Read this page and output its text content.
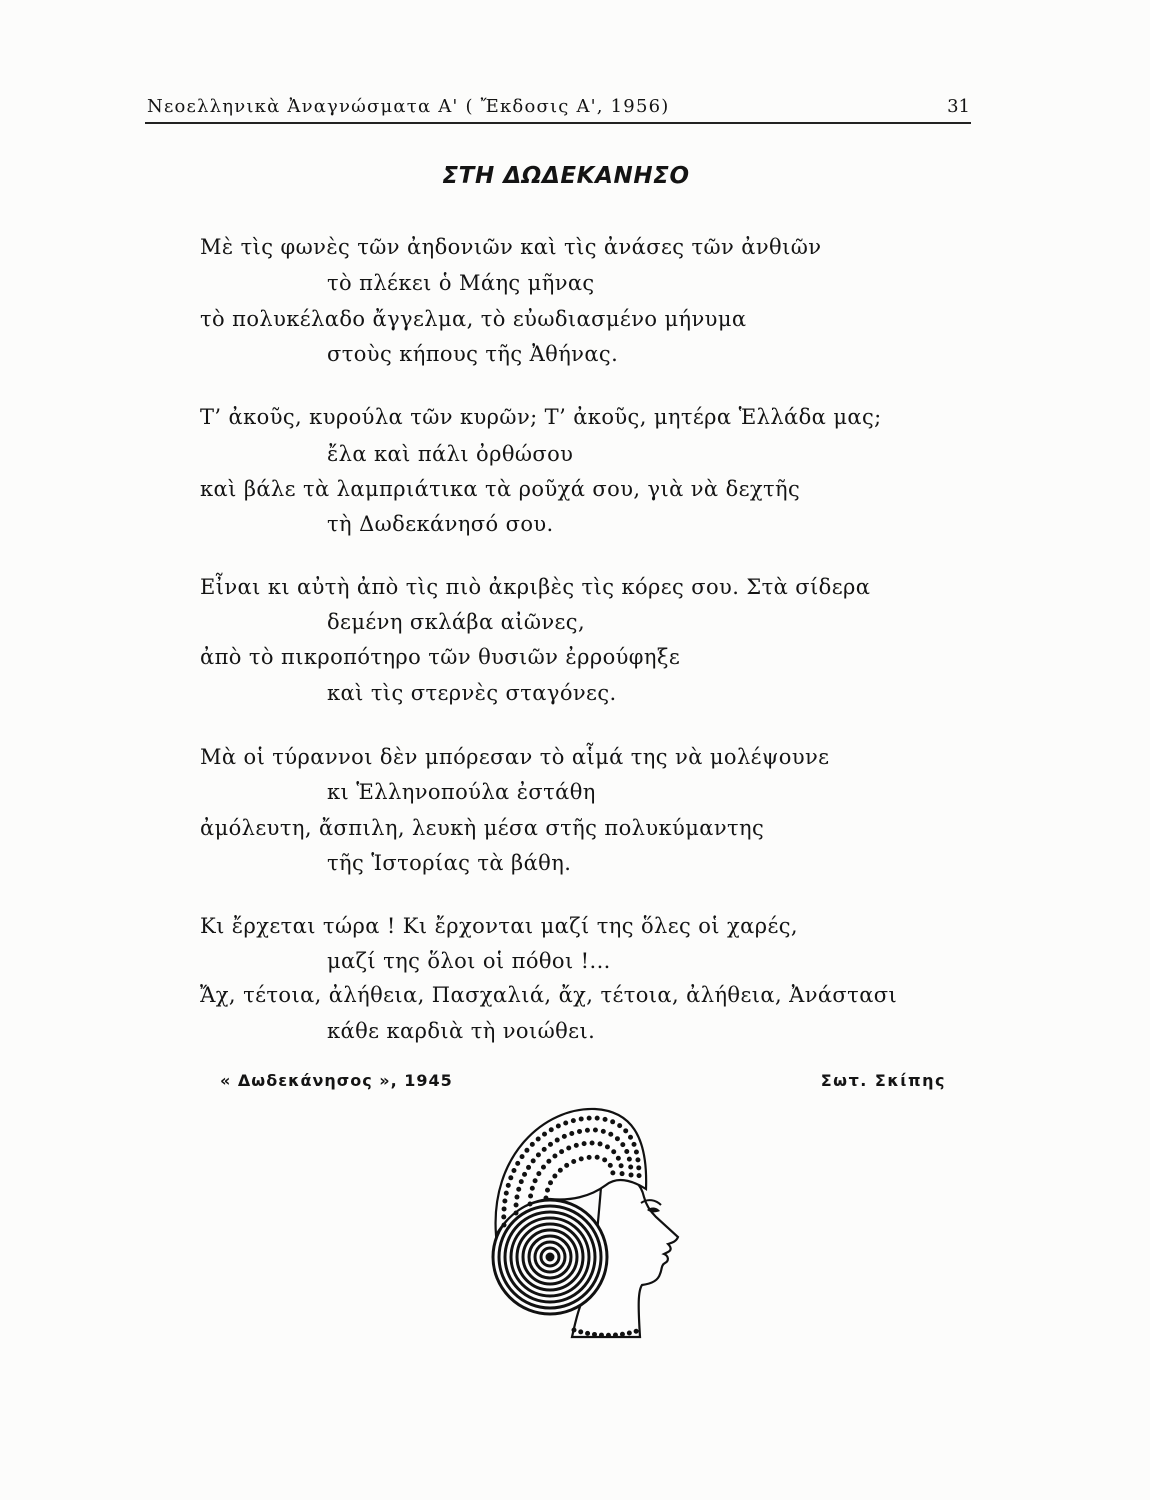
Νεοελληνικὰ Ἀναγνώσματα Α' ( Ἔκδοσις Α', 1956)	31
ΣΤΗ ΔΩΔΕΚΑΝΗΣΟ
Μὲ τὶς φωνὲς τῶν ἀηδονιῶν καὶ τὶς ἀνάσες τῶν ἀνθιῶν
τὸ πλέκει ὁ Μάης μῆνας
τὸ πολυκέλαδο ἄγγελμα, τὸ εὐωδιασμένο μήνυμα
στοὺς κήπους τῆς Ἀθήνας.
Τ’ ἀκοῦς, κυρούλα τῶν κυρῶν; Τ’ ἀκοῦς, μητέρα Ἑλλάδα μας;
ἔλα καὶ πάλι ὀρθώσου
καὶ βάλε τὰ λαμπριάτικα τὰ ροῦχά σου, γιὰ νὰ δεχτῆς
τὴ Δωδεκάνησό σου.
Εἶναι κι αὐτὴ ἀπὸ τὶς πιὸ ἀκριβὲς τὶς κόρες σου. Στὰ σίδερα
δεμένη σκλάβα αἰῶνες,
ἀπὸ τὸ πικροπότηρο τῶν θυσιῶν ἐρρούφηξε
καὶ τὶς στερνὲς σταγόνες.
Μὰ οἱ τύραννοι δὲν μπόρεσαν τὸ αἷμά της νὰ μολέψουνε
κι Ἑλληνοπούλα ἐστάθη
ἀμόλευτη, ἄσπιλη, λευκὴ μέσα στῆς πολυκύμαντης
τῆς Ἱστορίας τὰ βάθη.
Κι ἔρχεται τώρα ! Κι ἔρχονται μαζί της ὅλες οἱ χαρές,
μαζί της ὅλοι οἱ πόθοι !...
Ἄχ, τέτοια, ἀλήθεια, Πασχαλιά, ἄχ, τέτοια, ἀλήθεια, Ἀνάστασι
κάθε καρδιὰ τὴ νοιώθει.
« Δωδεκάνησος », 1945	Σωτ. Σκίπης
